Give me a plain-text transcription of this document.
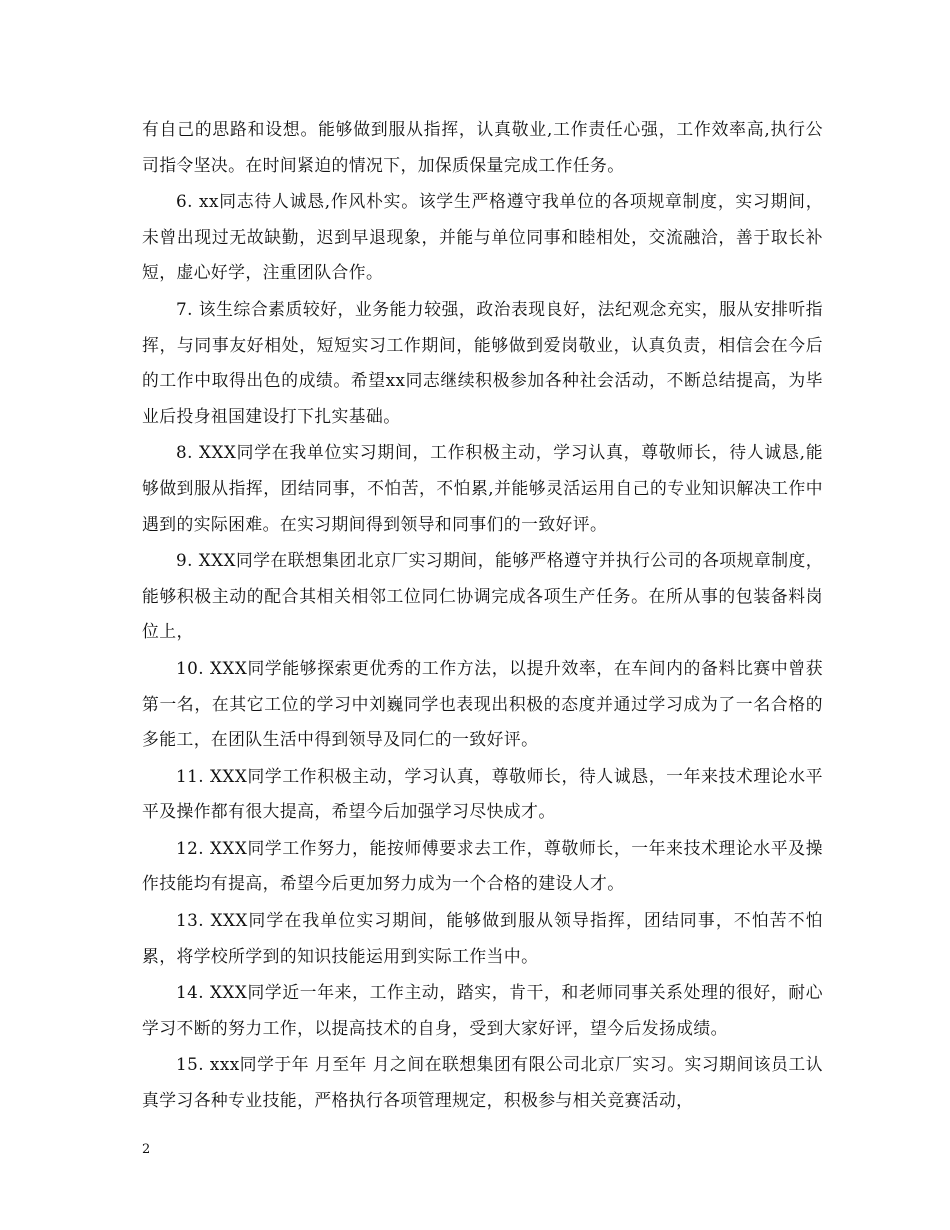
有自己的思路和设想。能够做到服从指挥，认真敬业,工作责任心强，工作效率高,执行公司指令坚决。在时间紧迫的情况下，加保质保量完成工作任务。

6. xx同志待人诚恳,作风朴实。该学生严格遵守我单位的各项规章制度，实习期间，未曾出现过无故缺勤，迟到早退现象，并能与单位同事和睦相处，交流融洽，善于取长补短，虚心好学，注重团队合作。

7. 该生综合素质较好，业务能力较强，政治表现良好，法纪观念充实，服从安排听指挥，与同事友好相处，短短实习工作期间，能够做到爱岗敬业，认真负责，相信会在今后的工作中取得出色的成绩。希望xx同志继续积极参加各种社会活动，不断总结提高，为毕业后投身祖国建设打下扎实基础。

8. XXX同学在我单位实习期间，工作积极主动，学习认真，尊敬师长，待人诚恳,能够做到服从指挥，团结同事，不怕苦，不怕累,并能够灵活运用自己的专业知识解决工作中遇到的实际困难。在实习期间得到领导和同事们的一致好评。

9. XXX同学在联想集团北京厂实习期间，能够严格遵守并执行公司的各项规章制度，能够积极主动的配合其相关相邻工位同仁协调完成各项生产任务。在所从事的包装备料岗位上，

10. XXX同学能够探索更优秀的工作方法，以提升效率，在车间内的备料比赛中曾获第一名，在其它工位的学习中刘巍同学也表现出积极的态度并通过学习成为了一名合格的多能工，在团队生活中得到领导及同仁的一致好评。

11. XXX同学工作积极主动，学习认真，尊敬师长，待人诚恳，一年来技术理论水平平及操作都有很大提高，希望今后加强学习尽快成才。

12. XXX同学工作努力，能按师傅要求去工作，尊敬师长，一年来技术理论水平及操作技能均有提高，希望今后更加努力成为一个合格的建设人才。

13. XXX同学在我单位实习期间，能够做到服从领导指挥，团结同事，不怕苦不怕累，将学校所学到的知识技能运用到实际工作当中。

14. XXX同学近一年来，工作主动，踏实，肯干，和老师同事关系处理的很好，耐心学习不断的努力工作，以提高技术的自身，受到大家好评，望今后发扬成绩。

15. xxx同学于年 月至年 月之间在联想集团有限公司北京厂实习。实习期间该员工认真学习各种专业技能，严格执行各项管理规定，积极参与相关竞赛活动，

2
